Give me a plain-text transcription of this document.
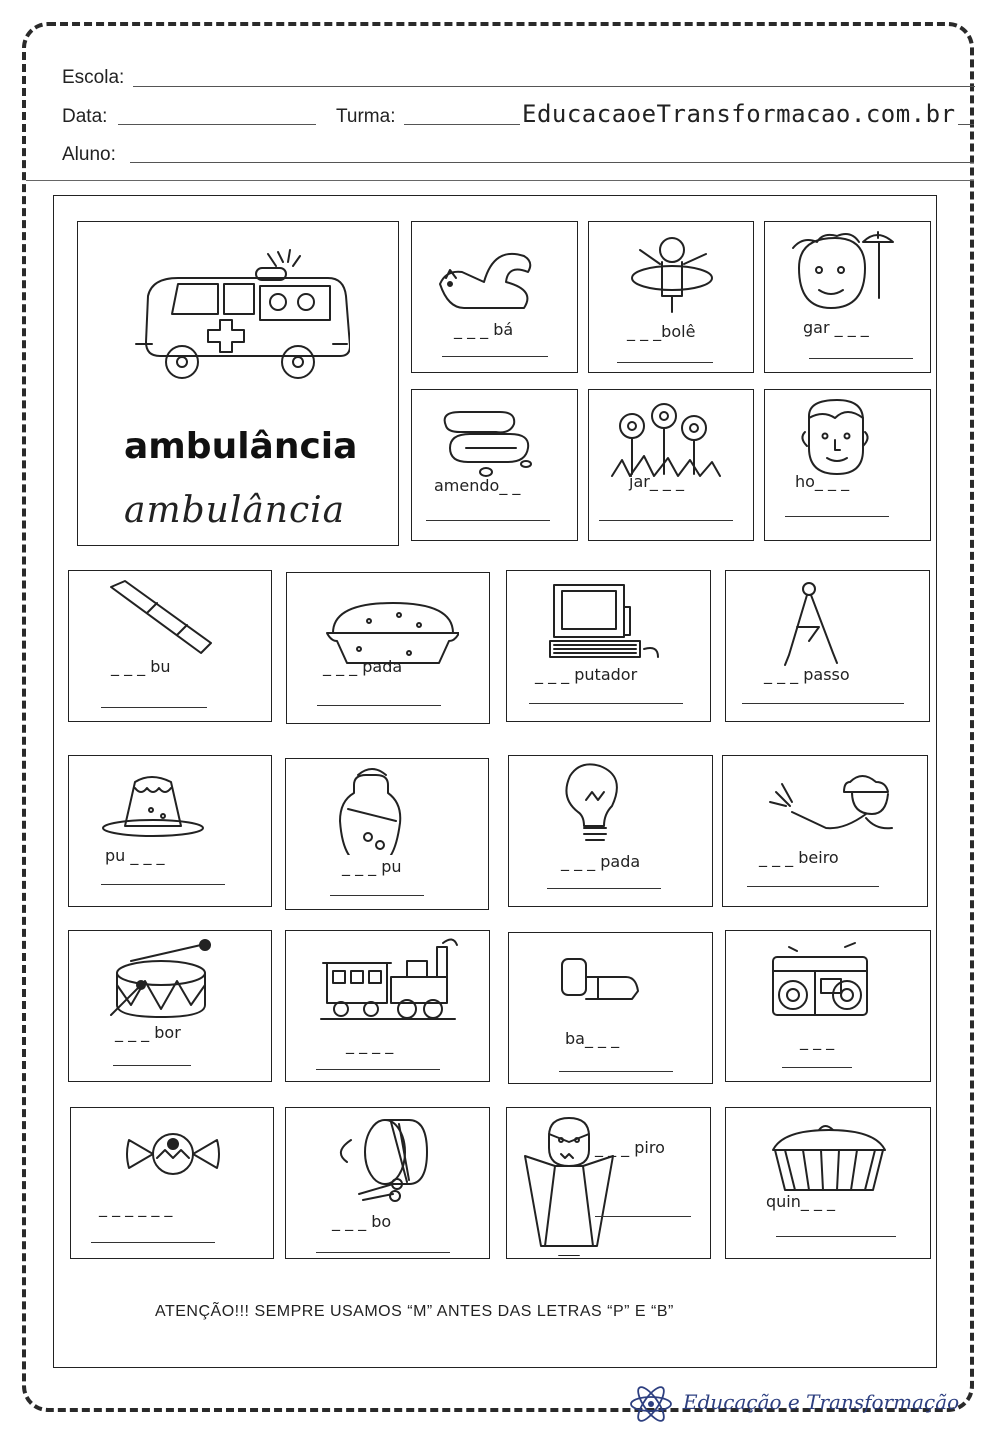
Escola:
Data:	Turma:	EducacaoeTransformacao.com.br
Aluno:
ambulância
ambulância
_ _ _ bá	_ _ _bolê	gar _ _ _
amendo_ _	jar_ _ _	ho_ _ _
_ _ _ bu	_ _ _ pada	_ _ _ putador	_ _ _ passo
pu _ _ _
_ _ _ pu	_ _ _ pada	_ _ _ beiro
_ _ _ bor
_ _ _ _	ba_ _ _	_ _ _
_ _ _ _ _ _
_ _ _ bo
_ _ _ piro
quin_ _ _
ATENÇÃO!!! SEMPRE USAMOS “M” ANTES DAS LETRAS “P” E “B”
Educação e Transformação
